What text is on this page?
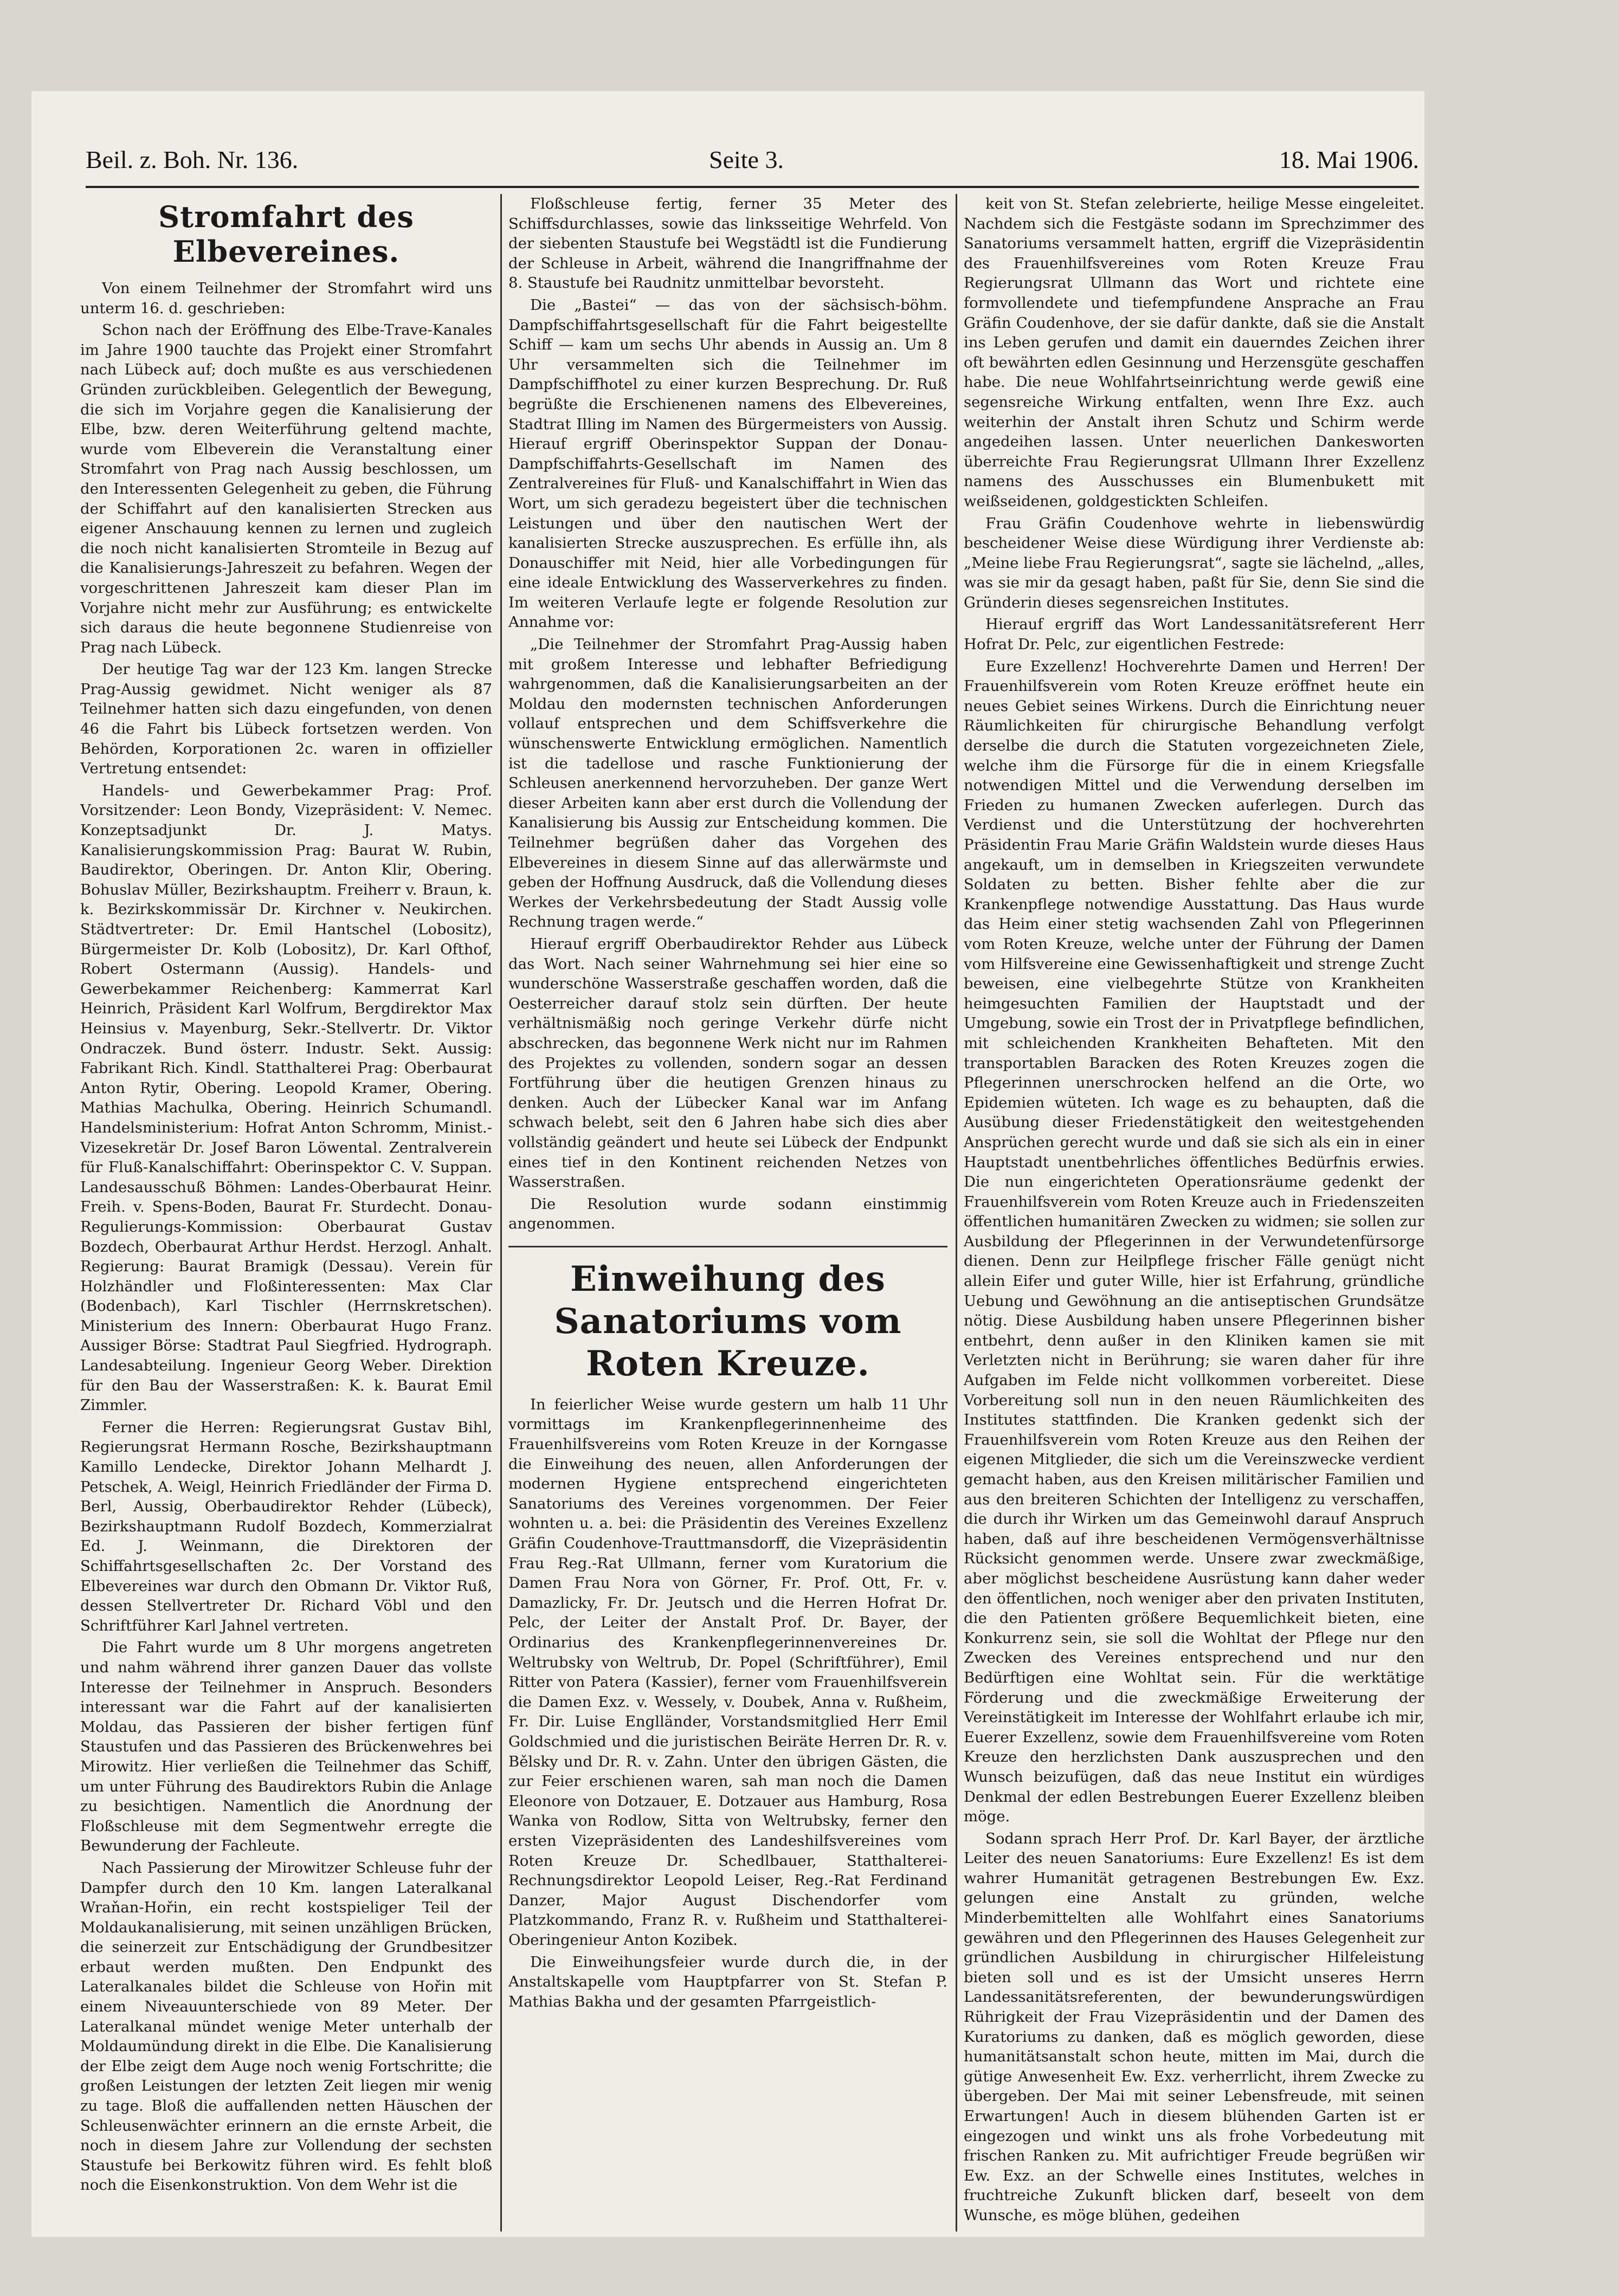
Beil. z. Boh. Nr. 136.	Seite 3.	18. Mai 1906.
Stromfahrt des Elbevereines.

Von einem Teilnehmer der Stromfahrt wird uns unterm 16. d. geschrieben:

Schon nach der Eröffnung des Elbe-Trave-Kanales im Jahre 1900 tauchte das Projekt einer Stromfahrt nach Lübeck auf; doch mußte es aus verschiedenen Gründen zurückbleiben. Gelegentlich der Bewegung, die sich im Vorjahre gegen die Kanalisierung der Elbe, bzw. deren Weiterführung geltend machte, wurde vom Elbeverein die Veranstaltung einer Stromfahrt von Prag nach Aussig beschlossen, um den Interessenten Gelegenheit zu geben, die Führung der Schiffahrt auf den kanalisierten Strecken aus eigener Anschauung kennen zu lernen und zugleich die noch nicht kanalisierten Stromteile in Bezug auf die Kanalisierungs-Jahreszeit zu befahren. Wegen der vorgeschrittenen Jahreszeit kam dieser Plan im Vorjahre nicht mehr zur Ausführung; es entwickelte sich daraus die heute begonnene Studienreise von Prag nach Lübeck.

Der heutige Tag war der 123 Km. langen Strecke Prag-Aussig gewidmet. Nicht weniger als 87 Teilnehmer hatten sich dazu eingefunden, von denen 46 die Fahrt bis Lübeck fortsetzen werden. Von Behörden, Korporationen 2c. waren in offizieller Vertretung entsendet:

Handels- und Gewerbekammer Prag: Prof. Vorsitzender: Leon Bondy, Vizepräsident: V. Nemec. Konzeptsadjunkt Dr. J. Matys. Kanalisierungskommission Prag: Baurat W. Rubin, Baudirektor, Oberingen. Dr. Anton Klir, Obering. Bohuslav Müller, Bezirkshauptm. Freiherr v. Braun, k. k. Bezirkskommissär Dr. Kirchner v. Neukirchen. Städtvertreter: Dr. Emil Hantschel (Lobositz), Bürgermeister Dr. Kolb (Lobositz), Dr. Karl Ofthof, Robert Ostermann (Aussig). Handels- und Gewerbekammer Reichenberg: Kammerrat Karl Heinrich, Präsident Karl Wolfrum, Bergdirektor Max Heinsius v. Mayenburg, Sekr.-Stellvertr. Dr. Viktor Ondraczek. Bund österr. Industr. Sekt. Aussig: Fabrikant Rich. Kindl. Statthalterei Prag: Oberbaurat Anton Rytir, Obering. Leopold Kramer, Obering. Mathias Machulka, Obering. Heinrich Schumandl. Handelsministerium: Hofrat Anton Schromm, Minist.-Vizesekretär Dr. Josef Baron Löwental. Zentralverein für Fluß-Kanalschiffahrt: Oberinspektor C. V. Suppan. Landesausschuß Böhmen: Landes-Oberbaurat Heinr. Freih. v. Spens-Boden, Baurat Fr. Sturdecht. Donau-Regulierungs-Kommission: Oberbaurat Gustav Bozdech, Oberbaurat Arthur Herdst. Herzogl. Anhalt. Regierung: Baurat Bramigk (Dessau). Verein für Holzhändler und Floßinteressenten: Max Clar (Bodenbach), Karl Tischler (Herrnskretschen). Ministerium des Innern: Oberbaurat Hugo Franz. Aussiger Börse: Stadtrat Paul Siegfried. Hydrograph. Landesabteilung. Ingenieur Georg Weber. Direktion für den Bau der Wasserstraßen: K. k. Baurat Emil Zimmler.

Ferner die Herren: Regierungsrat Gustav Bihl, Regierungsrat Hermann Rosche, Bezirkshauptmann Kamillo Lendecke, Direktor Johann Melhardt J. Petschek, A. Weigl, Heinrich Friedländer der Firma D. Berl, Aussig, Oberbaudirektor Rehder (Lübeck), Bezirkshauptmann Rudolf Bozdech, Kommerzialrat Ed. J. Weinmann, die Direktoren der Schiffahrtsgesellschaften 2c. Der Vorstand des Elbevereines war durch den Obmann Dr. Viktor Ruß, dessen Stellvertreter Dr. Richard Vöbl und den Schriftführer Karl Jahnel vertreten.

Die Fahrt wurde um 8 Uhr morgens angetreten und nahm während ihrer ganzen Dauer das vollste Interesse der Teilnehmer in Anspruch. Besonders interessant war die Fahrt auf der kanalisierten Moldau, das Passieren der bisher fertigen fünf Staustufen und das Passieren des Brückenwehres bei Mirowitz. Hier verließen die Teilnehmer das Schiff, um unter Führung des Baudirektors Rubin die Anlage zu besichtigen. Namentlich die Anordnung der Floßschleuse mit dem Segmentwehr erregte die Bewunderung der Fachleute.

Nach Passierung der Mirowitzer Schleuse fuhr der Dampfer durch den 10 Km. langen Lateralkanal Wraňan-Hořin, ein recht kostspieliger Teil der Moldaukanalisierung, mit seinen unzähligen Brücken, die seinerzeit zur Entschädigung der Grundbesitzer erbaut werden mußten. Den Endpunkt des Lateralkanales bildet die Schleuse von Hořin mit einem Niveauunterschiede von 89 Meter. Der Lateralkanal mündet wenige Meter unterhalb der Moldaumündung direkt in die Elbe. Die Kanalisierung der Elbe zeigt dem Auge noch wenig Fortschritte; die großen Leistungen der letzten Zeit liegen mir wenig zu tage. Bloß die auffallenden netten Häuschen der Schleusenwächter erinnern an die ernste Arbeit, die noch in diesem Jahre zur Vollendung der sechsten Staustufe bei Berkowitz führen wird. Es fehlt bloß noch die Eisenkonstruktion. Von dem Wehr ist die

Floßschleuse fertig, ferner 35 Meter des Schiffsdurchlasses, sowie das linksseitige Wehrfeld. Von der siebenten Staustufe bei Wegstädtl ist die Fundierung der Schleuse in Arbeit, während die Inangriffnahme der 8. Staustufe bei Raudnitz unmittelbar bevorsteht.

Die „Bastei“ — das von der sächsisch-böhm. Dampfschiffahrtsgesellschaft für die Fahrt beigestellte Schiff — kam um sechs Uhr abends in Aussig an. Um 8 Uhr versammelten sich die Teilnehmer im Dampfschiffhotel zu einer kurzen Besprechung. Dr. Ruß begrüßte die Erschienenen namens des Elbevereines, Stadtrat Illing im Namen des Bürgermeisters von Aussig. Hierauf ergriff Oberinspektor Suppan der Donau-Dampfschiffahrts-Gesellschaft im Namen des Zentralvereines für Fluß- und Kanalschiffahrt in Wien das Wort, um sich geradezu begeistert über die technischen Leistungen und über den nautischen Wert der kanalisierten Strecke auszusprechen. Es erfülle ihn, als Donauschiffer mit Neid, hier alle Vorbedingungen für eine ideale Entwicklung des Wasserverkehres zu finden. Im weiteren Verlaufe legte er folgende Resolution zur Annahme vor:

„Die Teilnehmer der Stromfahrt Prag-Aussig haben mit großem Interesse und lebhafter Befriedigung wahrgenommen, daß die Kanalisierungsarbeiten an der Moldau den modernsten technischen Anforderungen vollauf entsprechen und dem Schiffsverkehre die wünschenswerte Entwicklung ermöglichen. Namentlich ist die tadellose und rasche Funktionierung der Schleusen anerkennend hervorzuheben. Der ganze Wert dieser Arbeiten kann aber erst durch die Vollendung der Kanalisierung bis Aussig zur Entscheidung kommen. Die Teilnehmer begrüßen daher das Vorgehen des Elbevereines in diesem Sinne auf das allerwärmste und geben der Hoffnung Ausdruck, daß die Vollendung dieses Werkes der Verkehrsbedeutung der Stadt Aussig volle Rechnung tragen werde.“

Hierauf ergriff Oberbaudirektor Rehder aus Lübeck das Wort. Nach seiner Wahrnehmung sei hier eine so wunderschöne Wasserstraße geschaffen worden, daß die Oesterreicher darauf stolz sein dürften. Der heute verhältnismäßig noch geringe Verkehr dürfe nicht abschrecken, das begonnene Werk nicht nur im Rahmen des Projektes zu vollenden, sondern sogar an dessen Fortführung über die heutigen Grenzen hinaus zu denken. Auch der Lübecker Kanal war im Anfang schwach belebt, seit den 6 Jahren habe sich dies aber vollständig geändert und heute sei Lübeck der Endpunkt eines tief in den Kontinent reichenden Netzes von Wasserstraßen.

Die Resolution wurde sodann einstimmig angenommen.

Einweihung des Sanatoriums vom Roten Kreuze.

In feierlicher Weise wurde gestern um halb 11 Uhr vormittags im Krankenpflegerinnenheime des Frauenhilfsvereins vom Roten Kreuze in der Korngasse die Einweihung des neuen, allen Anforderungen der modernen Hygiene entsprechend eingerichteten Sanatoriums des Vereines vorgenommen. Der Feier wohnten u. a. bei: die Präsidentin des Vereines Exzellenz Gräfin Coudenhove-Trauttmansdorff, die Vizepräsidentin Frau Reg.-Rat Ullmann, ferner vom Kuratorium die Damen Frau Nora von Görner, Fr. Prof. Ott, Fr. v. Damazlicky, Fr. Dr. Jeutsch und die Herren Hofrat Dr. Pelc, der Leiter der Anstalt Prof. Dr. Bayer, der Ordinarius des Krankenpflegerinnenvereines Dr. Weltrubsky von Weltrub, Dr. Popel (Schriftführer), Emil Ritter von Patera (Kassier), ferner vom Frauenhilfsverein die Damen Exz. v. Wessely, v. Doubek, Anna v. Rußheim, Fr. Dir. Luise Englländer, Vorstandsmitglied Herr Emil Goldschmied und die juristischen Beiräte Herren Dr. R. v. Bělsky und Dr. R. v. Zahn. Unter den übrigen Gästen, die zur Feier erschienen waren, sah man noch die Damen Eleonore von Dotzauer, E. Dotzauer aus Hamburg, Rosa Wanka von Rodlow, Sitta von Weltrubsky, ferner den ersten Vizepräsidenten des Landeshilfsvereines vom Roten Kreuze Dr. Schedlbauer, Statthalterei-Rechnungsdirektor Leopold Leiser, Reg.-Rat Ferdinand Danzer, Major August Dischendorfer vom Platzkommando, Franz R. v. Rußheim und Statthalterei-Oberingenieur Anton Kozibek.

Die Einweihungsfeier wurde durch die, in der Anstaltskapelle vom Hauptpfarrer von St. Stefan P. Mathias Bakha und der gesamten Pfarrgeistlich-

keit von St. Stefan zelebrierte, heilige Messe eingeleitet. Nachdem sich die Festgäste sodann im Sprechzimmer des Sanatoriums versammelt hatten, ergriff die Vizepräsidentin des Frauenhilfsvereines vom Roten Kreuze Frau Regierungsrat Ullmann das Wort und richtete eine formvollendete und tiefempfundene Ansprache an Frau Gräfin Coudenhove, der sie dafür dankte, daß sie die Anstalt ins Leben gerufen und damit ein dauerndes Zeichen ihrer oft bewährten edlen Gesinnung und Herzensgüte geschaffen habe. Die neue Wohlfahrtseinrichtung werde gewiß eine segensreiche Wirkung entfalten, wenn Ihre Exz. auch weiterhin der Anstalt ihren Schutz und Schirm werde angedeihen lassen. Unter neuerlichen Dankesworten überreichte Frau Regierungsrat Ullmann Ihrer Exzellenz namens des Ausschusses ein Blumenbukett mit weißseidenen, goldgestickten Schleifen.

Frau Gräfin Coudenhove wehrte in liebenswürdig bescheidener Weise diese Würdigung ihrer Verdienste ab: „Meine liebe Frau Regierungsrat“, sagte sie lächelnd, „alles, was sie mir da gesagt haben, paßt für Sie, denn Sie sind die Gründerin dieses segensreichen Institutes.

Hierauf ergriff das Wort Landessanitätsreferent Herr Hofrat Dr. Pelc, zur eigentlichen Festrede:

Eure Exzellenz! Hochverehrte Damen und Herren! Der Frauenhilfsverein vom Roten Kreuze eröffnet heute ein neues Gebiet seines Wirkens. Durch die Einrichtung neuer Räumlichkeiten für chirurgische Behandlung verfolgt derselbe die durch die Statuten vorgezeichneten Ziele, welche ihm die Fürsorge für die in einem Kriegsfalle notwendigen Mittel und die Verwendung derselben im Frieden zu humanen Zwecken auferlegen. Durch das Verdienst und die Unterstützung der hochverehrten Präsidentin Frau Marie Gräfin Waldstein wurde dieses Haus angekauft, um in demselben in Kriegszeiten verwundete Soldaten zu betten. Bisher fehlte aber die zur Krankenpflege notwendige Ausstattung. Das Haus wurde das Heim einer stetig wachsenden Zahl von Pflegerinnen vom Roten Kreuze, welche unter der Führung der Damen vom Hilfsvereine eine Gewissenhaftigkeit und strenge Zucht beweisen, eine vielbegehrte Stütze von Krankheiten heimgesuchten Familien der Hauptstadt und der Umgebung, sowie ein Trost der in Privatpflege befindlichen, mit schleichenden Krankheiten Behafteten. Mit den transportablen Baracken des Roten Kreuzes zogen die Pflegerinnen unerschrocken helfend an die Orte, wo Epidemien wüteten. Ich wage es zu behaupten, daß die Ausübung dieser Friedenstätigkeit den weitestgehenden Ansprüchen gerecht wurde und daß sie sich als ein in einer Hauptstadt unentbehrliches öffentliches Bedürfnis erwies. Die nun eingerichteten Operationsräume gedenkt der Frauenhilfsverein vom Roten Kreuze auch in Friedenszeiten öffentlichen humanitären Zwecken zu widmen; sie sollen zur Ausbildung der Pflegerinnen in der Verwundetenfürsorge dienen. Denn zur Heilpflege frischer Fälle genügt nicht allein Eifer und guter Wille, hier ist Erfahrung, gründliche Uebung und Gewöhnung an die antiseptischen Grundsätze nötig. Diese Ausbildung haben unsere Pflegerinnen bisher entbehrt, denn außer in den Kliniken kamen sie mit Verletzten nicht in Berührung; sie waren daher für ihre Aufgaben im Felde nicht vollkommen vorbereitet. Diese Vorbereitung soll nun in den neuen Räumlichkeiten des Institutes stattfinden. Die Kranken gedenkt sich der Frauenhilfsverein vom Roten Kreuze aus den Reihen der eigenen Mitglieder, die sich um die Vereinszwecke verdient gemacht haben, aus den Kreisen militärischer Familien und aus den breiteren Schichten der Intelligenz zu verschaffen, die durch ihr Wirken um das Gemeinwohl darauf Anspruch haben, daß auf ihre bescheidenen Vermögensverhältnisse Rücksicht genommen werde. Unsere zwar zweckmäßige, aber möglichst bescheidene Ausrüstung kann daher weder den öffentlichen, noch weniger aber den privaten Instituten, die den Patienten größere Bequemlichkeit bieten, eine Konkurrenz sein, sie soll die Wohltat der Pflege nur den Zwecken des Vereines entsprechend und nur den Bedürftigen eine Wohltat sein. Für die werktätige Förderung und die zweckmäßige Erweiterung der Vereinstätigkeit im Interesse der Wohlfahrt erlaube ich mir, Euerer Exzellenz, sowie dem Frauenhilfsvereine vom Roten Kreuze den herzlichsten Dank auszusprechen und den Wunsch beizufügen, daß das neue Institut ein würdiges Denkmal der edlen Bestrebungen Euerer Exzellenz bleiben möge.

Sodann sprach Herr Prof. Dr. Karl Bayer, der ärztliche Leiter des neuen Sanatoriums: Eure Exzellenz! Es ist dem wahrer Humanität getragenen Bestrebungen Ew. Exz. gelungen eine Anstalt zu gründen, welche Minderbemittelten alle Wohlfahrt eines Sanatoriums gewähren und den Pflegerinnen des Hauses Gelegenheit zur gründlichen Ausbildung in chirurgischer Hilfeleistung bieten soll und es ist der Umsicht unseres Herrn Landessanitätsreferenten, der bewunderungswürdigen Rührigkeit der Frau Vizepräsidentin und der Damen des Kuratoriums zu danken, daß es möglich geworden, diese humanitätsanstalt schon heute, mitten im Mai, durch die gütige Anwesenheit Ew. Exz. verherrlicht, ihrem Zwecke zu übergeben. Der Mai mit seiner Lebensfreude, mit seinen Erwartungen! Auch in diesem blühenden Garten ist er eingezogen und winkt uns als frohe Vorbedeutung mit frischen Ranken zu. Mit aufrichtiger Freude begrüßen wir Ew. Exz. an der Schwelle eines Institutes, welches in fruchtreiche Zukunft blicken darf, beseelt von dem Wunsche, es möge blühen, gedeihen
